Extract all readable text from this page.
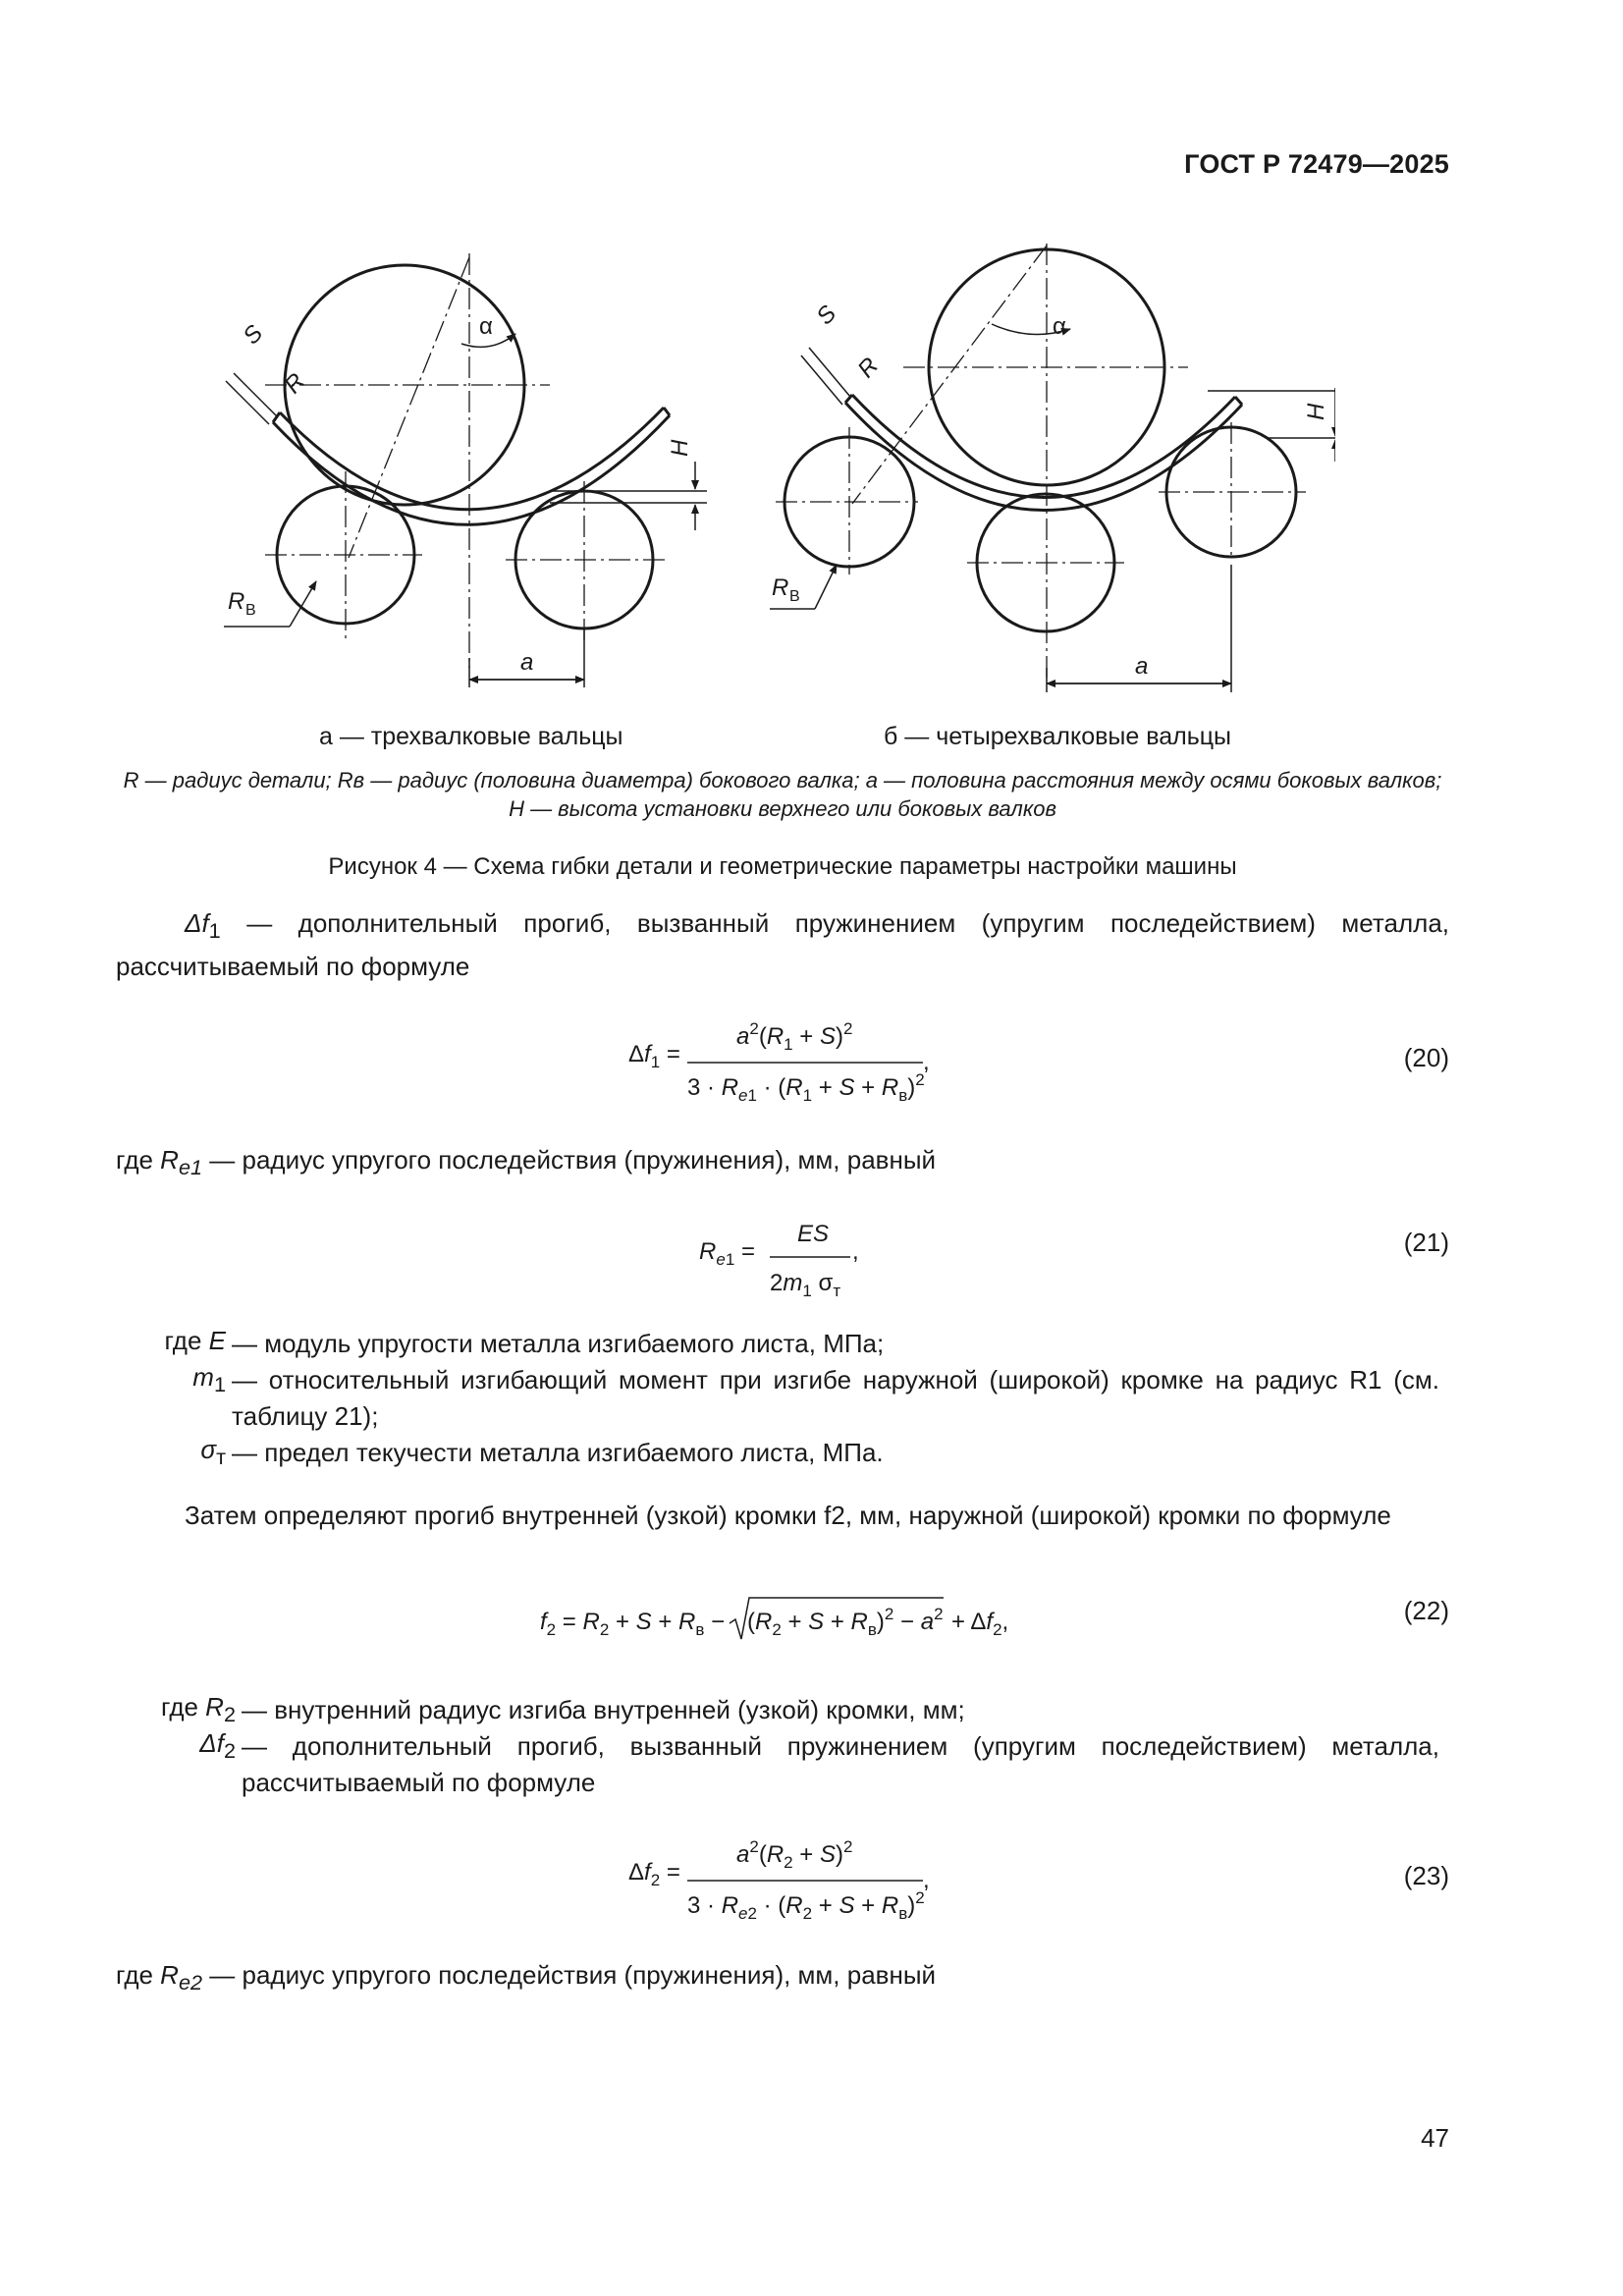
ГОСТ Р 72479—2025
S
R
α
H
R В
a
S
R
α
H
R В
a
а — трехвалковые вальцы	б — четырехвалковые вальцы
R — радиус детали; Rв — радиус (половина диаметра) бокового валка; a — половина расстояния между осями боковых валков;
H — высота установки верхнего или боковых валков
Рисунок 4 — Схема гибки детали и геометрические параметры настройки машины
$\Delta f_1$ — дополнительный прогиб, вызванный пружинением (упругим последействием) металла, рассчитываемый по формуле
$\Delta f_1$ =
$a^2(R_1 + S)^2$
$3 \cdot R_e1 \cdot (R_1 + S + R_в)^2$
,	(20)
где $R_{e1}$ — радиус упругого последействия (пружинения), мм, равный
$R_e1$ =
ES
$2m_1$ $\sigma_т$
,	(21)
где E — модуль упругости металла изгибаемого листа, МПа;
$m_1$ — относительный изгибающий момент при изгибе наружной (широкой) кромке на радиус R1 (см. таблицу 21);
$\sigma_т$ — предел текучести металла изгибаемого листа, МПа.
Затем определяют прогиб внутренней (узкой) кромки f2, мм, наружной (широкой) кромки по формуле
$f_2 = R_2 + S + R_в - (R_2 + S + R_в)^2 - a^2 + \Delta f_2$,	(22)
где $R_2$ — внутренний радиус изгиба внутренней (узкой) кромки, мм;
$\Delta f_2$ — дополнительный прогиб, вызванный пружинением (упругим последействием) металла, рассчитываемый по формуле
$\Delta f_2$ =
$a^2(R_2 + S)^2$
$3 \cdot R_e2 \cdot (R_2 + S + R_в)^2$
,	(23)
где $R_{e2}$ — радиус упругого последействия (пружинения), мм, равный
47
